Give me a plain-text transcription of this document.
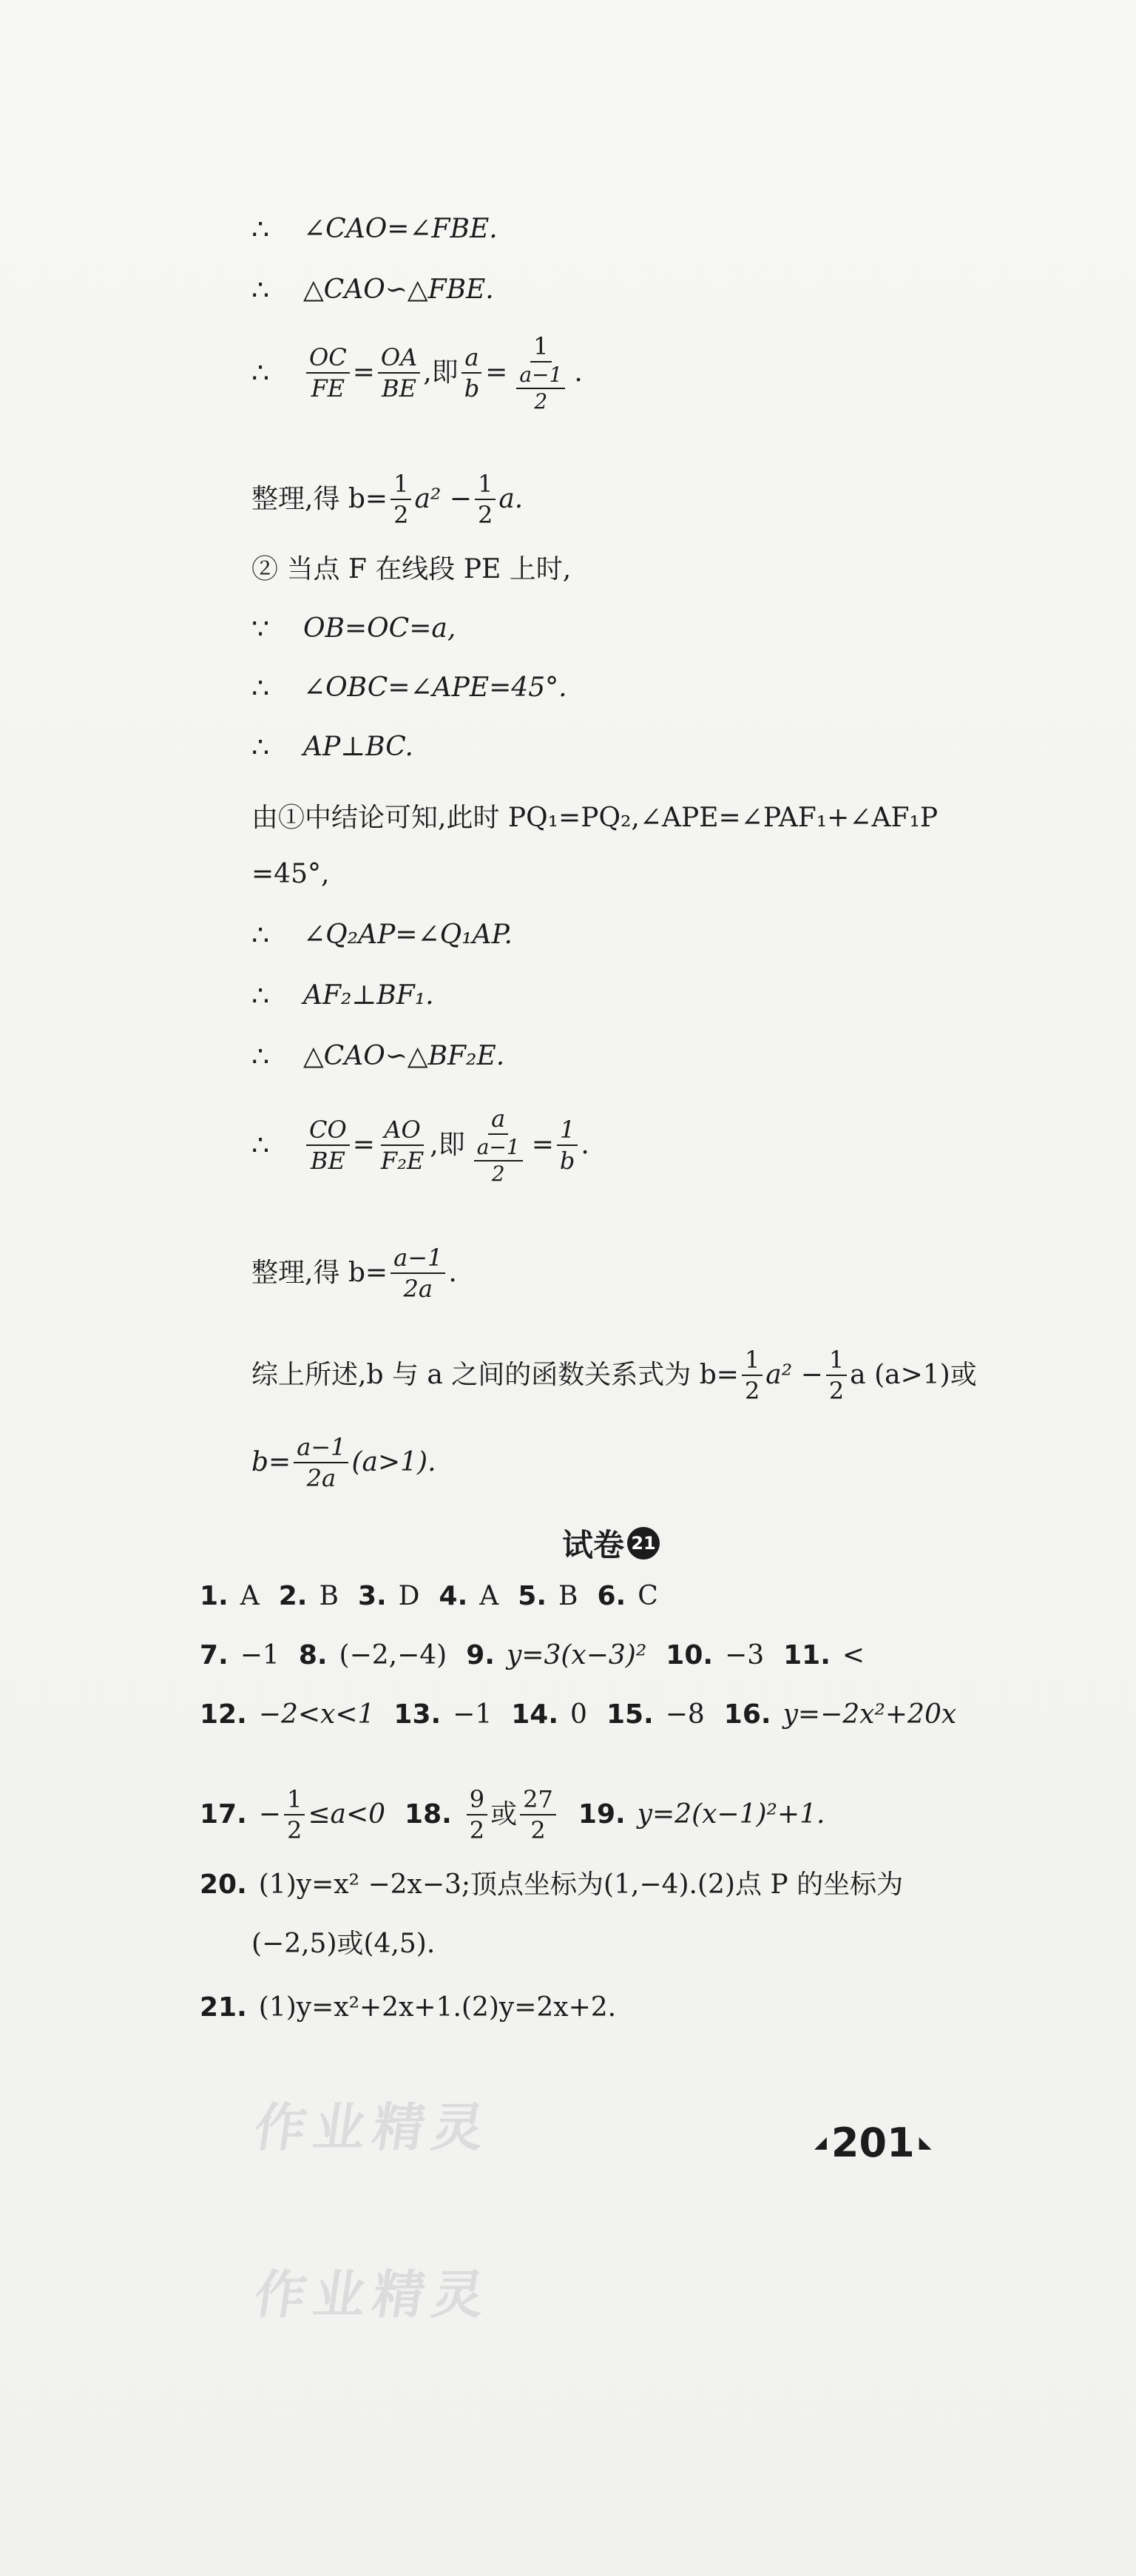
∴	∠CAO=∠FBE.
∴	△CAO∽△FBE.
∴	$\frac{OC}{FE} = \frac{OA}{BE}$ ,即 $\frac{a}{b} = \frac{1}{\frac{a-1}{2}}$ .
整理,得 $b= \frac{1}{2} a^2 - \frac{1}{2} a$.
② 当点 F 在线段 PE 上时,
∵	OB=OC=a,
∴	∠OBC=∠APE=45°.
∴	AP⊥BC.
由①中结论可知,此时 PQ₁=PQ₂,∠APE=∠PAF₁+∠AF₁P
=45°,
∴	∠Q₂AP=∠Q₁AP.
∴	AF₂⊥BF₁.
∴	△CAO∽△BF₂E.
∴	$\frac{CO}{BE} = \frac{AO}{\text{F₂E}}$ ,即 $\frac{a}{\frac{a-1}{2}} = \frac{1}{b}$ .
整理,得 $b= \frac{a-1}{2a}$ .
综上所述,b 与 a 之间的函数关系式为 $b= \frac{1}{2} a^2 - \frac{1}{2}$ a (a>1)或
$b= \frac{a-1}{2a} (a>1)$.
试卷 21
1. A 2. B 3. D 4. A 5. B 6. C
7. −1 8. (−2,−4) 9. y=3(x−3)² 10. −3 11. <
12. −2<x<1 13. −1 14. 0 15. −8 16. y=−2x²+20x
17. − $\frac{1}{2} \le a<0$ 18. $\frac{9}{2}$ 或 $\frac{27}{2} 19$. y=2(x−1)²+1.
20. (1)y=x² −2x−3;顶点坐标为(1,−4).(2)点 P 的坐标为
(−2,5)或(4,5).
21. (1)y=x²+2x+1.(2)y=2x+2.
作业精灵
作业精灵
◢ 201 ◣
